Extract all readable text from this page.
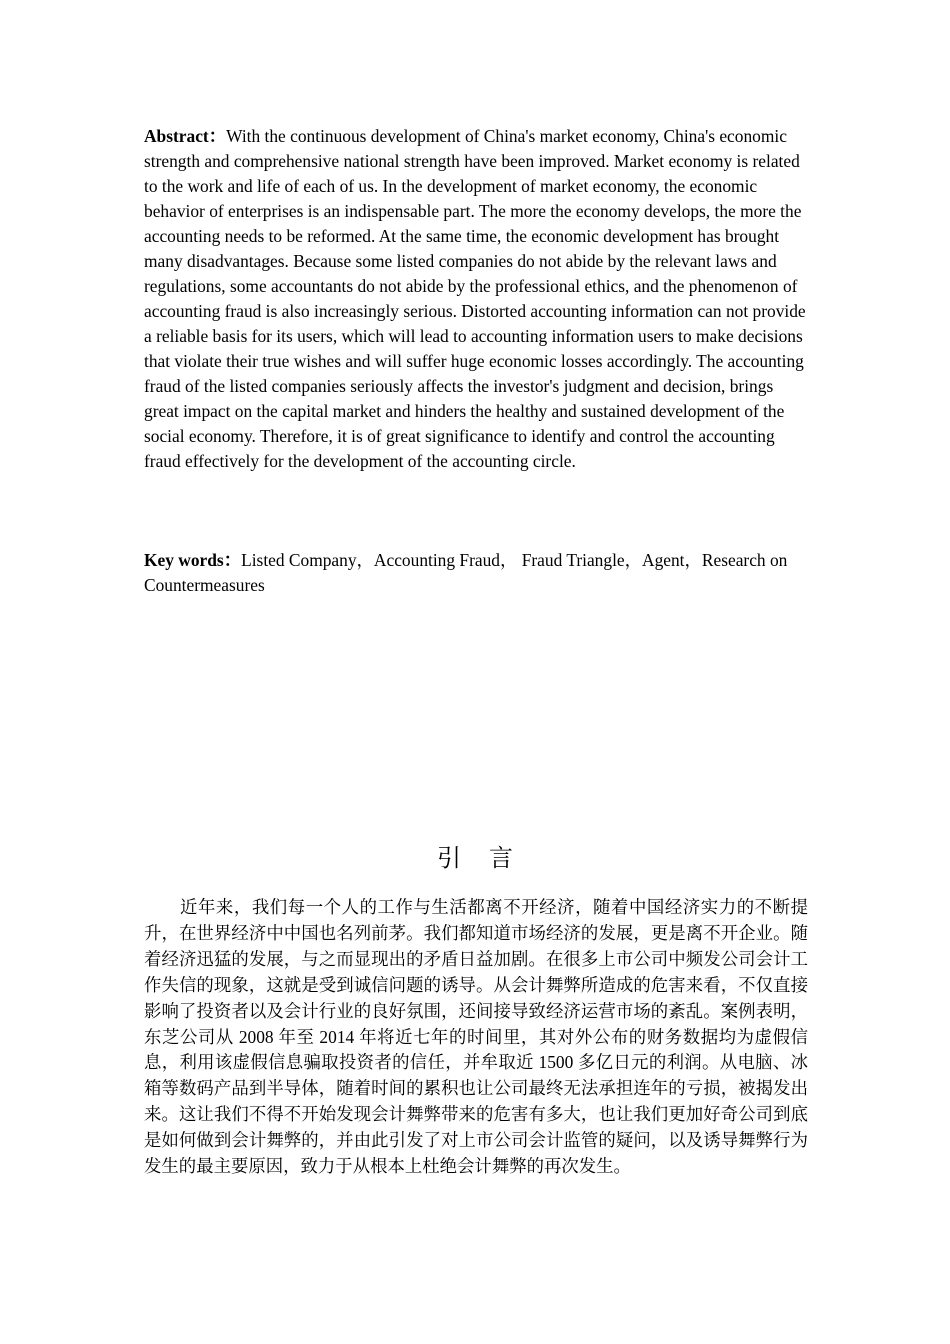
Abstract：With the continuous development of China's market economy, China's economic strength and comprehensive national strength have been improved. Market economy is related to the work and life of each of us. In the development of market economy, the economic behavior of enterprises is an indispensable part. The more the economy develops, the more the accounting needs to be reformed. At the same time, the economic development has brought many disadvantages. Because some listed companies do not abide by the relevant laws and regulations, some accountants do not abide by the professional ethics, and the phenomenon of accounting fraud is also increasingly serious. Distorted accounting information can not provide a reliable basis for its users, which will lead to accounting information users to make decisions that violate their true wishes and will suffer huge economic losses accordingly. The accounting fraud of the listed companies seriously affects the investor's judgment and decision, brings great impact on the capital market and hinders the healthy and sustained development of the social economy. Therefore, it is of great significance to identify and control the accounting fraud effectively for the development of the accounting circle.

Key words：Listed Company，Accounting Fraud， Fraud Triangle，Agent，Research on Countermeasures

引言

近年来，我们每一个人的工作与生活都离不开经济，随着中国经济实力的不断提升，在世界经济中中国也名列前茅。我们都知道市场经济的发展，更是离不开企业。随着经济迅猛的发展，与之而显现出的矛盾日益加剧。在很多上市公司中频发公司会计工作失信的现象，这就是受到诚信问题的诱导。从会计舞弊所造成的危害来看，不仅直接影响了投资者以及会计行业的良好氛围，还间接导致经济运营市场的紊乱。案例表明，东芝公司从 2008 年至 2014 年将近七年的时间里，其对外公布的财务数据均为虚假信息，利用该虚假信息骗取投资者的信任，并牟取近 1500 多亿日元的利润。从电脑、冰箱等数码产品到半导体，随着时间的累积也让公司最终无法承担连年的亏损，被揭发出来。这让我们不得不开始发现会计舞弊带来的危害有多大，也让我们更加好奇公司到底是如何做到会计舞弊的，并由此引发了对上市公司会计监管的疑问，以及诱导舞弊行为发生的最主要原因，致力于从根本上杜绝会计舞弊的再次发生。
